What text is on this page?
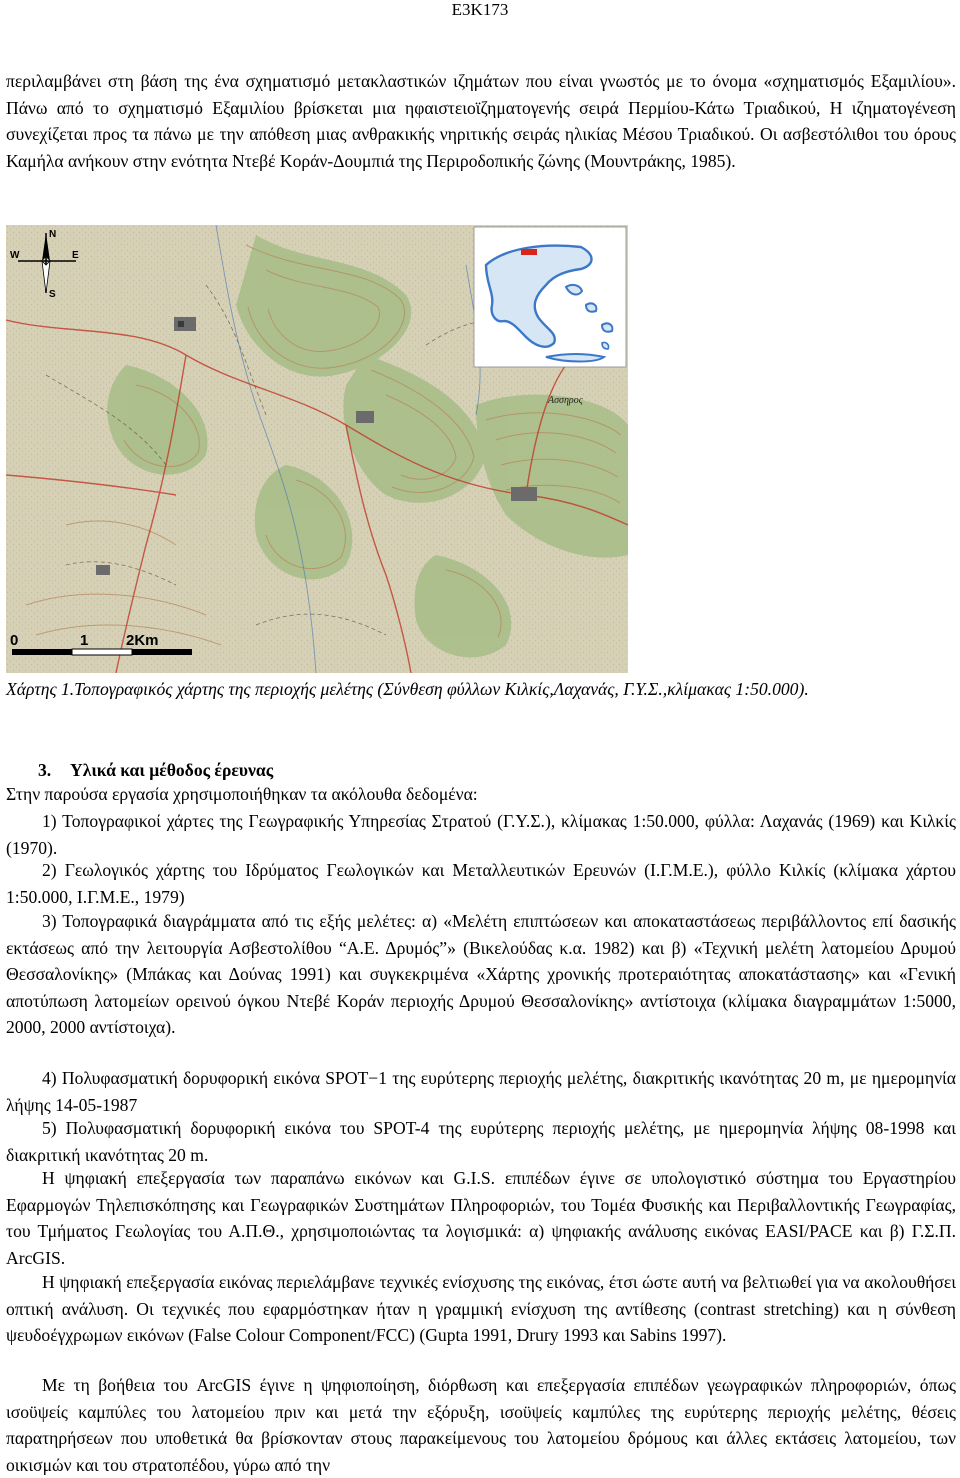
E3K173

περιλαμβάνει στη βάση της ένα σχηματισμό μετακλαστικών ιζημάτων που είναι γνωστός με το όνομα «σχηματισμός Εξαμιλίου». Πάνω από το σχηματισμό Εξαμιλίου βρίσκεται μια ηφαιστειοϊζηματογενής σειρά Περμίου-Κάτω Τριαδικού, Η ιζηματογένεση συνεχίζεται προς τα πάνω με την απόθεση μιας ανθρακικής νηριτικής σειράς ηλικίας Μέσου Τριαδικού. Οι ασβεστόλιθοι του όρους Καμήλα ανήκουν στην ενότητα Ντεβέ Κοράν-Δουμπιά της Περιροδοπικής ζώνης (Μουντράκης, 1985).

Ασσηρος
N
S
E
W
0	1	2Km

Χάρτης 1.Τοπογραφικός χάρτης της περιοχής μελέτης (Σύνθεση φύλλων Κιλκίς,Λαχανάς, Γ.Υ.Σ.,κλίμακας 1:50.000).

3. Υλικά και μέθοδος έρευνας

Στην παρούσα εργασία χρησιμοποιήθηκαν τα ακόλουθα δεδομένα:

1) Τοπογραφικοί χάρτες της Γεωγραφικής Υπηρεσίας Στρατού (Γ.Υ.Σ.), κλίμακας 1:50.000, φύλλα: Λαχανάς (1969) και Κιλκίς (1970).

2) Γεωλογικός χάρτης του Ιδρύματος Γεωλογικών και Μεταλλευτικών Ερευνών (Ι.Γ.Μ.Ε.), φύλλο Κιλκίς (κλίμακα χάρτου 1:50.000, Ι.Γ.Μ.Ε., 1979)

3) Τοπογραφικά διαγράμματα από τις εξής μελέτες: α) «Μελέτη επιπτώσεων και αποκαταστάσεως περιβάλλοντος επί δασικής εκτάσεως από την λειτουργία Ασβεστολίθου “Α.Ε. Δρυμός”» (Βικελούδας κ.α. 1982) και β) «Τεχνική μελέτη λατομείου Δρυμού Θεσσαλονίκης» (Μπάκας και Δούνας 1991) και συγκεκριμένα «Χάρτης χρονικής προτεραιότητας αποκατάστασης» και «Γενική αποτύπωση λατομείων ορεινού όγκου Ντεβέ Κοράν περιοχής Δρυμού Θεσσαλονίκης» αντίστοιχα (κλίμακα διαγραμμάτων 1:5000, 2000, 2000 αντίστοιχα).

4) Πολυφασματική δορυφορική εικόνα SPOT−1 της ευρύτερης περιοχής μελέτης, διακριτικής ικανότητας 20 m, με ημερομηνία λήψης 14-05-1987

5) Πολυφασματική δορυφορική εικόνα του SPOT-4 της ευρύτερης περιοχής μελέτης, με ημερομηνία λήψης 08-1998 και διακριτική ικανότητας 20 m.

Η ψηφιακή επεξεργασία των παραπάνω εικόνων και G.I.S. επιπέδων έγινε σε υπολογιστικό σύστημα του Εργαστηρίου Εφαρμογών Τηλεπισκόπησης και Γεωγραφικών Συστημάτων Πληροφοριών, του Τομέα Φυσικής και Περιβαλλοντικής Γεωγραφίας, του Τμήματος Γεωλογίας του Α.Π.Θ., χρησιμοποιώντας τα λογισμικά: α) ψηφιακής ανάλυσης εικόνας EASI/PACE και β) Γ.Σ.Π. ArcGIS.

Η ψηφιακή επεξεργασία εικόνας περιελάμβανε τεχνικές ενίσχυσης της εικόνας, έτσι ώστε αυτή να βελτιωθεί για να ακολουθήσει οπτική ανάλυση. Οι τεχνικές που εφαρμόστηκαν ήταν η γραμμική ενίσχυση της αντίθεσης (contrast stretching) και η σύνθεση ψευδοέγχρωμων εικόνων (False Colour Component/FCC) (Gupta 1991, Drury 1993 και Sabins 1997).

Με τη βοήθεια του ArcGIS έγινε η ψηφιοποίηση, διόρθωση και επεξεργασία επιπέδων γεωγραφικών πληροφοριών, όπως ισοϋψείς καμπύλες του λατομείου πριν και μετά την εξόρυξη, ισοϋψείς καμπύλες της ευρύτερης περιοχής μελέτης, θέσεις παρατηρήσεων που υποθετικά θα βρίσκονταν στους παρακείμενους του λατομείου δρόμους και άλλες εκτάσεις λατομείου, των οικισμών και του στρατοπέδου, γύρω από την
